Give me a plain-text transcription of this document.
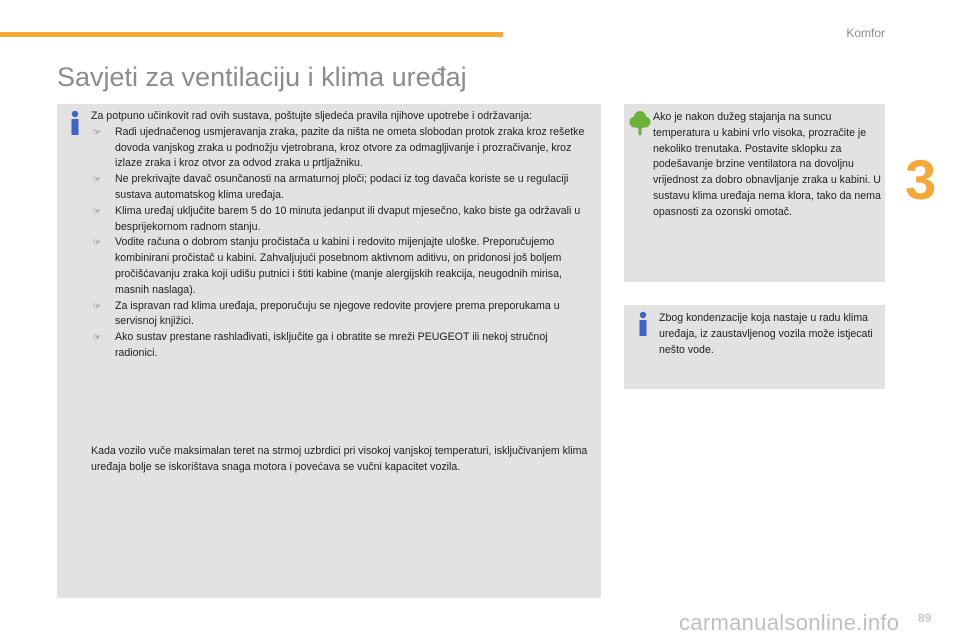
Komfor
3
Savjeti za ventilaciju i klima uređaj
Za potpuno učinkovit rad ovih sustava, poštujte sljedeća pravila njihove upotrebe i održavanja:
☞ Radi ujednačenog usmjeravanja zraka, pazite da ništa ne ometa slobodan protok zraka kroz rešetke dovoda vanjskog zraka u podnožju vjetrobrana, kroz otvore za odmagljivanje i prozračivanje, kroz izlaze zraka i kroz otvor za odvod zraka u prtljažniku.
☞ Ne prekrivajte davač osunčanosti na armaturnoj ploči; podaci iz tog davača koriste se u regulaciji sustava automatskog klima uređaja.
☞ Klima uređaj uključite barem 5 do 10 minuta jedanput ili dvaput mjesečno, kako biste ga održavali u besprijekornom radnom stanju.
☞ Vodite računa o dobrom stanju pročistača u kabini i redovito mijenjajte uloške. Preporučujemo kombinirani pročistač u kabini. Zahvaljujući posebnom aktivnom aditivu, on pridonosi još boljem pročišćavanju zraka koji udišu putnici i štiti kabine (manje alergijskih reakcija, neugodnih mirisa, masnih naslaga).
☞ Za ispravan rad klima uređaja, preporučuju se njegove redovite provjere prema preporukama u servisnoj knjižici.
☞ Ako sustav prestane rashlađivati, isključite ga i obratite se mreži PEUGEOT ili nekoj stručnoj radionici.
Kada vozilo vuče maksimalan teret na strmoj uzbrdici pri visokoj vanjskoj temperaturi, isključivanjem klima uređaja bolje se iskorištava snaga motora i povećava se vučni kapacitet vozila.
Ako je nakon dužeg stajanja na suncu temperatura u kabini vrlo visoka, prozračite je nekoliko trenutaka. Postavite sklopku za podešavanje brzine ventilatora na dovoljnu vrijednost za dobro obnavljanje zraka u kabini. U sustavu klima uređaja nema klora, tako da nema opasnosti za ozonski omotač.
Zbog kondenzacije koja nastaje u radu klima uređaja, iz zaustavljenog vozila može istjecati nešto vode.
carmanualsonline.info 89
